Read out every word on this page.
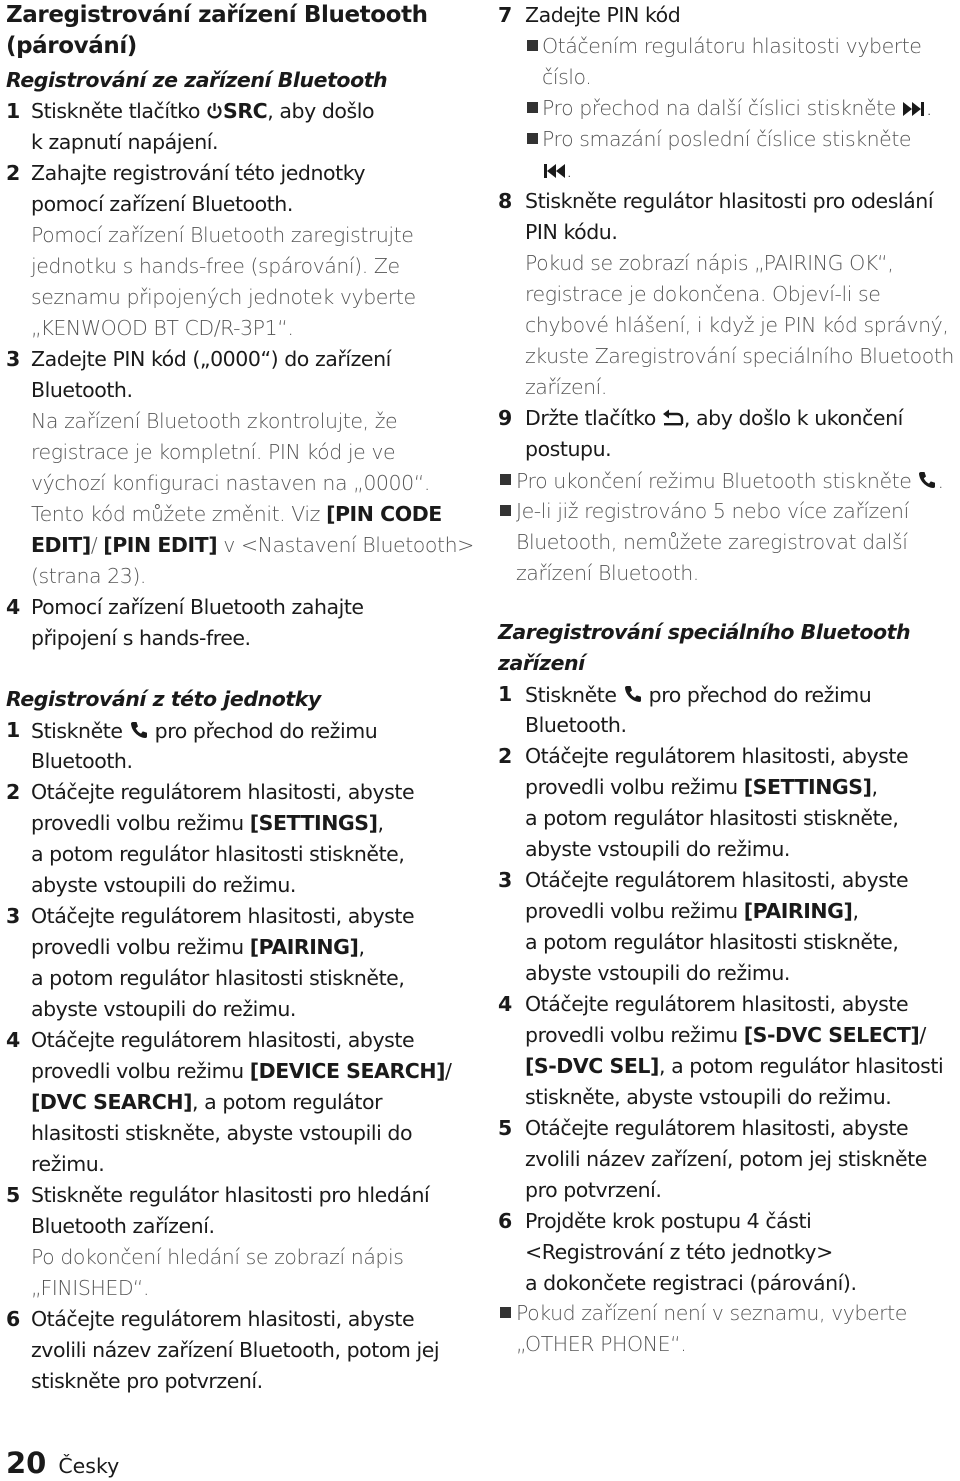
Zaregistrování zařízení Bluetooth
(párování)
Registrování ze zařízení Bluetooth
1 Stiskněte tlačítko SRC, aby došlo
k zapnutí napájení.
2 Zahajte registrování této jednotky
pomocí zařízení Bluetooth.
Pomocí zařízení Bluetooth zaregistrujte
jednotku s hands-free (spárování). Ze
seznamu připojených jednotek vyberte
„KENWOOD BT CD/R-3P1“.
3 Zadejte PIN kód („0000“) do zařízení
Bluetooth.
Na zařízení Bluetooth zkontrolujte, že
registrace je kompletní. PIN kód je ve
výchozí konfiguraci nastaven na „0000“.
Tento kód můžete změnit. Viz [PIN CODE
EDIT]/ [PIN EDIT] v <Nastavení Bluetooth>
(strana 23).
4 Pomocí zařízení Bluetooth zahajte
připojení s hands-free.
Registrování z této jednotky
1 Stiskněte  pro přechod do režimu
Bluetooth.
2 Otáčejte regulátorem hlasitosti, abyste
provedli volbu režimu [SETTINGS],
a potom regulátor hlasitosti stiskněte,
abyste vstoupili do režimu.
3 Otáčejte regulátorem hlasitosti, abyste
provedli volbu režimu [PAIRING],
a potom regulátor hlasitosti stiskněte,
abyste vstoupili do režimu.
4 Otáčejte regulátorem hlasitosti, abyste
provedli volbu režimu [DEVICE SEARCH]/
[DVC SEARCH], a potom regulátor
hlasitosti stiskněte, abyste vstoupili do
režimu.
5 Stiskněte regulátor hlasitosti pro hledání
Bluetooth zařízení.
Po dokončení hledání se zobrazí nápis
„FINISHED“.
6 Otáčejte regulátorem hlasitosti, abyste
zvolili název zařízení Bluetooth, potom jej
stiskněte pro potvrzení.
7 Zadejte PIN kód
Otáčením regulátoru hlasitosti vyberte
číslo.
Pro přechod na další číslici stiskněte .
Pro smazání poslední číslice stiskněte
.
8 Stiskněte regulátor hlasitosti pro odeslání
PIN kódu.
Pokud se zobrazí nápis „PAIRING OK“,
registrace je dokončena. Objeví-li se
chybové hlášení, i když je PIN kód správný,
zkuste Zaregistrování speciálního Bluetooth
zařízení.
9 Držte tlačítko , aby došlo k ukončení
postupu.
Pro ukončení režimu Bluetooth stiskněte .
Je-li již registrováno 5 nebo více zařízení
Bluetooth, nemůžete zaregistrovat další
zařízení Bluetooth.
Zaregistrování speciálního Bluetooth
zařízení
1 Stiskněte  pro přechod do režimu
Bluetooth.
2 Otáčejte regulátorem hlasitosti, abyste
provedli volbu režimu [SETTINGS],
a potom regulátor hlasitosti stiskněte,
abyste vstoupili do režimu.
3 Otáčejte regulátorem hlasitosti, abyste
provedli volbu režimu [PAIRING],
a potom regulátor hlasitosti stiskněte,
abyste vstoupili do režimu.
4 Otáčejte regulátorem hlasitosti, abyste
provedli volbu režimu [S-DVC SELECT]/
[S-DVC SEL], a potom regulátor hlasitosti
stiskněte, abyste vstoupili do režimu.
5 Otáčejte regulátorem hlasitosti, abyste
zvolili název zařízení, potom jej stiskněte
pro potvrzení.
6 Projděte krok postupu 4 části
<Registrování z této jednotky>
a dokončete registraci (párování).
Pokud zařízení není v seznamu, vyberte
„OTHER PHONE“.
20 Česky
